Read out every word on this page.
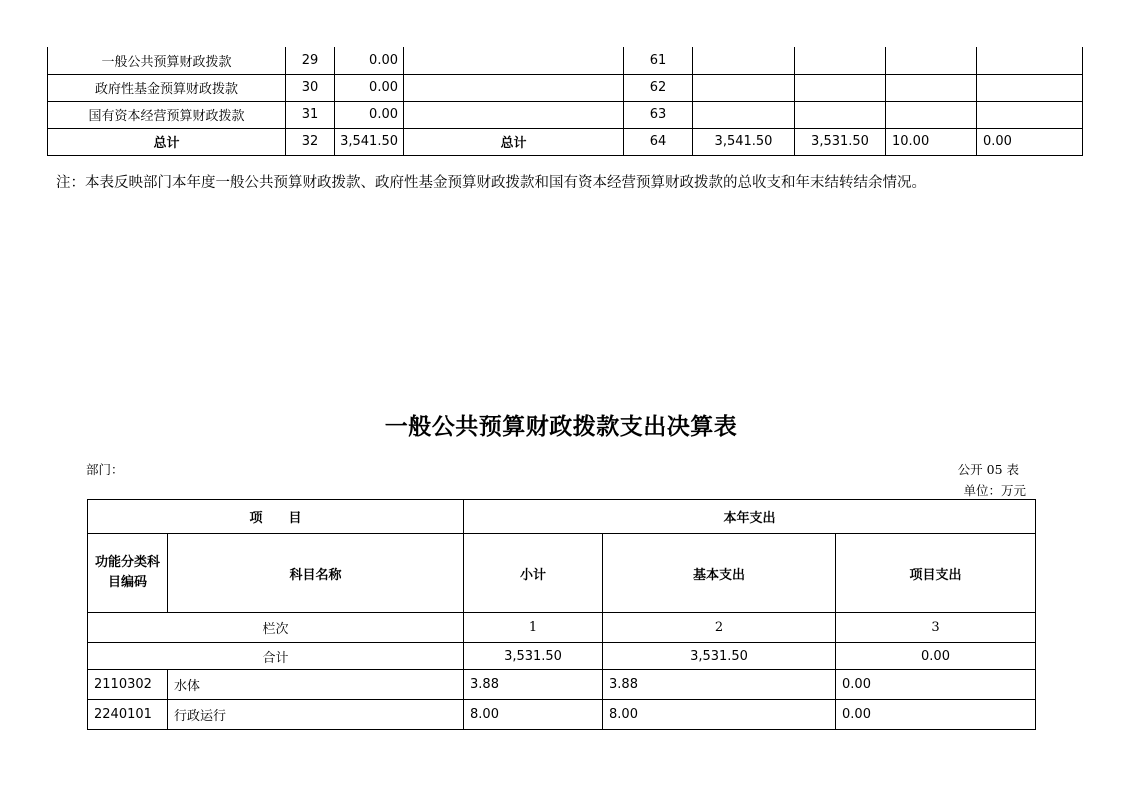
一般公共预算财政拨款	29	0.00		61				
政府性基金预算财政拨款	30	0.00		62				
国有资本经营预算财政拨款	31	0.00		63				
总计	32	3,541.50	总计	64	3,541.50	3,531.50	10.00	0.00
注：本表反映部门本年度一般公共预算财政拨款、政府性基金预算财政拨款和国有资本经营预算财政拨款的总收支和年末结转结余情况。
一般公共预算财政拨款支出决算表
部门：	公开 05 表
单位：万元
项　　目		本年支出		
功能分类科目编码	科目名称	小计	基本支出	项目支出
栏次		1	2	3
合计		3,531.50	3,531.50	0.00
2110302	水体	3.88	3.88	0.00
2240101	行政运行	8.00	8.00	0.00
